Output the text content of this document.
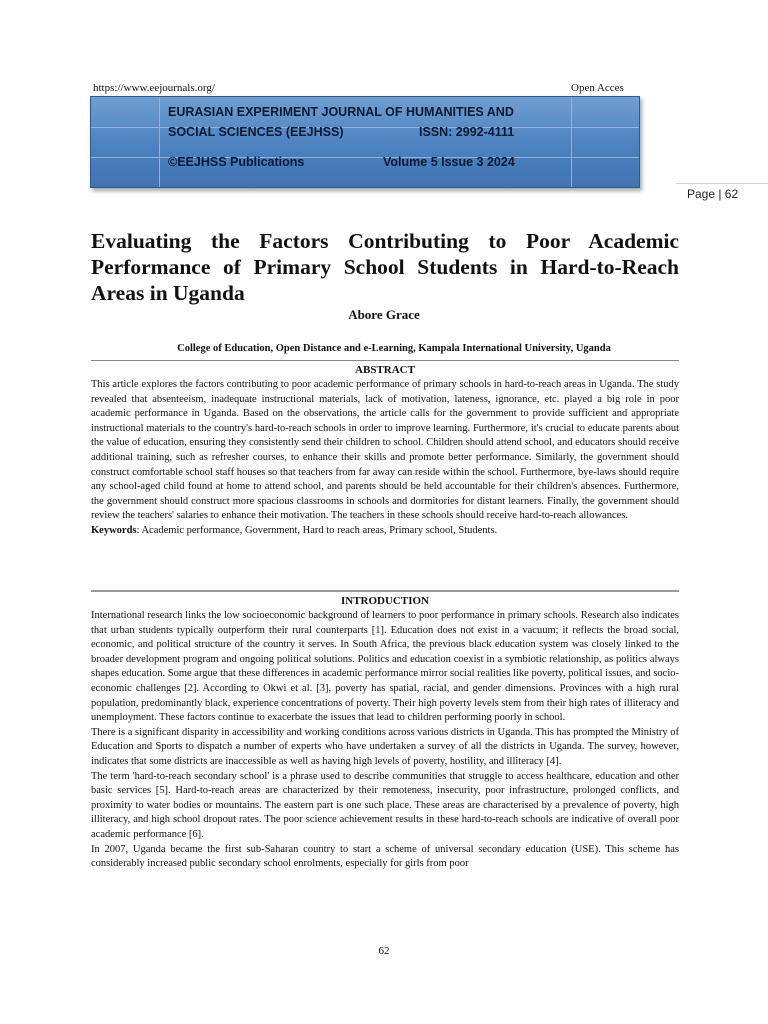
https://www.eejournals.org/	Open Acces
EURASIAN EXPERIMENT JOURNAL OF HUMANITIES AND
SOCIAL SCIENCES (EEJHSS)	ISSN: 2992-4111
©EEJHSS Publications	Volume 5 Issue 3 2024
Page | 62
Evaluating the Factors Contributing to Poor Academic Performance of Primary School Students in Hard-to-Reach Areas in Uganda
Abore Grace
College of Education, Open Distance and e-Learning, Kampala International University, Uganda
ABSTRACT

This article explores the factors contributing to poor academic performance of primary schools in hard-to-reach areas in Uganda. The study revealed that absenteeism, inadequate instructional materials, lack of motivation, lateness, ignorance, etc. played a big role in poor academic performance in Uganda. Based on the observations, the article calls for the government to provide sufficient and appropriate instructional materials to the country's hard-to-reach schools in order to improve learning. Furthermore, it's crucial to educate parents about the value of education, ensuring they consistently send their children to school. Children should attend school, and educators should receive additional training, such as refresher courses, to enhance their skills and promote better performance. Similarly, the government should construct comfortable school staff houses so that teachers from far away can reside within the school. Furthermore, bye-laws should require any school-aged child found at home to attend school, and parents should be held accountable for their children's absences. Furthermore, the government should construct more spacious classrooms in schools and dormitories for distant learners. Finally, the government should review the teachers' salaries to enhance their motivation. The teachers in these schools should receive hard-to-reach allowances.

Keywords: Academic performance, Government, Hard to reach areas, Primary school, Students.

INTRODUCTION

International research links the low socioeconomic background of learners to poor performance in primary schools. Research also indicates that urban students typically outperform their rural counterparts [1]. Education does not exist in a vacuum; it reflects the broad social, economic, and political structure of the country it serves. In South Africa, the previous black education system was closely linked to the broader development program and ongoing political solutions. Politics and education coexist in a symbiotic relationship, as politics always shapes education. Some argue that these differences in academic performance mirror social realities like poverty, political issues, and socio-economic challenges [2]. According to Okwi et al. [3], poverty has spatial, racial, and gender dimensions. Provinces with a high rural population, predominantly black, experience concentrations of poverty. Their high poverty levels stem from their high rates of illiteracy and unemployment. These factors continue to exacerbate the issues that lead to children performing poorly in school.

There is a significant disparity in accessibility and working conditions across various districts in Uganda. This has prompted the Ministry of Education and Sports to dispatch a number of experts who have undertaken a survey of all the districts in Uganda. The survey, however, indicates that some districts are inaccessible as well as having high levels of poverty, hostility, and illiteracy [4].

The term 'hard-to-reach secondary school' is a phrase used to describe communities that struggle to access healthcare, education and other basic services [5]. Hard-to-reach areas are characterized by their remoteness, insecurity, poor infrastructure, prolonged conflicts, and proximity to water bodies or mountains. The eastern part is one such place. These areas are characterised by a prevalence of poverty, high illiteracy, and high school dropout rates. The poor science achievement results in these hard-to-reach schools are indicative of overall poor academic performance [6].

In 2007, Uganda became the first sub-Saharan country to start a scheme of universal secondary education (USE). This scheme has considerably increased public secondary school enrolments, especially for girls from poor

62
